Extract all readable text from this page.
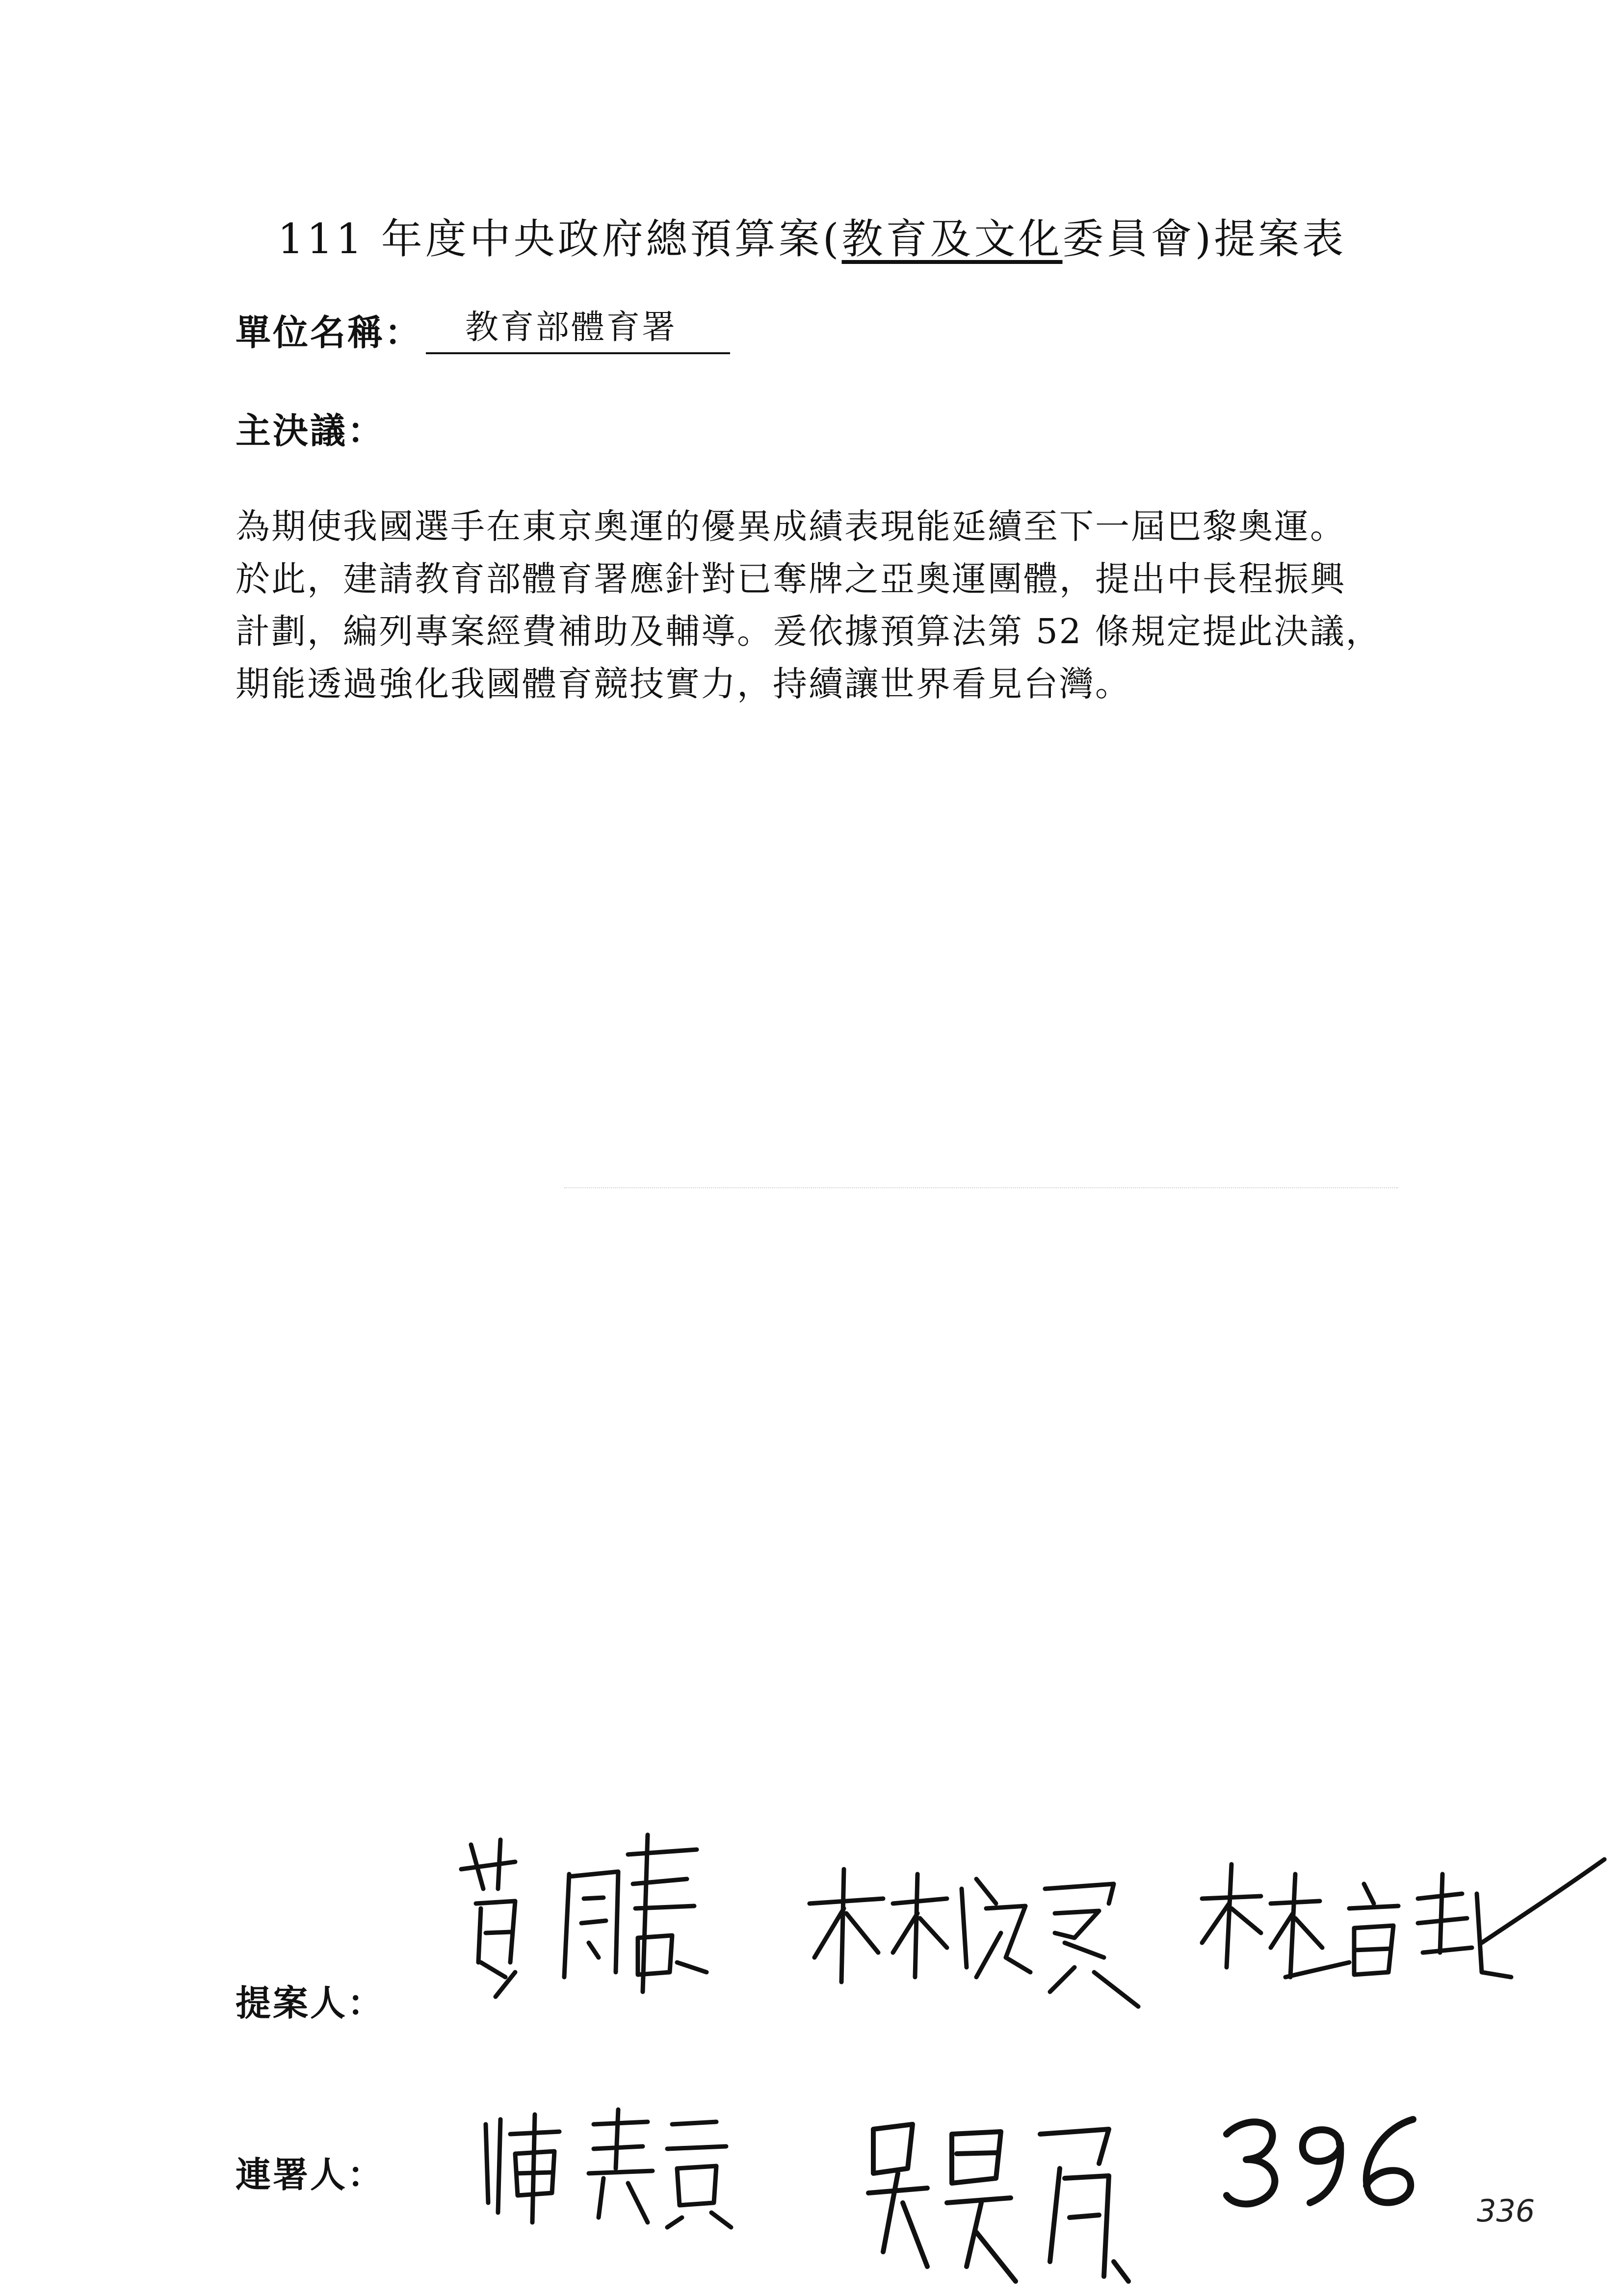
111 年度中央政府總預算案(教育及文化委員會)提案表
單位名稱：	教育部體育署
主決議：

為期使我國選手在東京奧運的優異成績表現能延續至下一屆巴黎奧運。

於此，建請教育部體育署應針對已奪牌之亞奧運團體，提出中長程振興

計劃，編列專案經費補助及輔導。爰依據預算法第 52 條規定提此決議，

期能透過強化我國體育競技實力，持續讓世界看見台灣。

提案人：
連署人：
336
